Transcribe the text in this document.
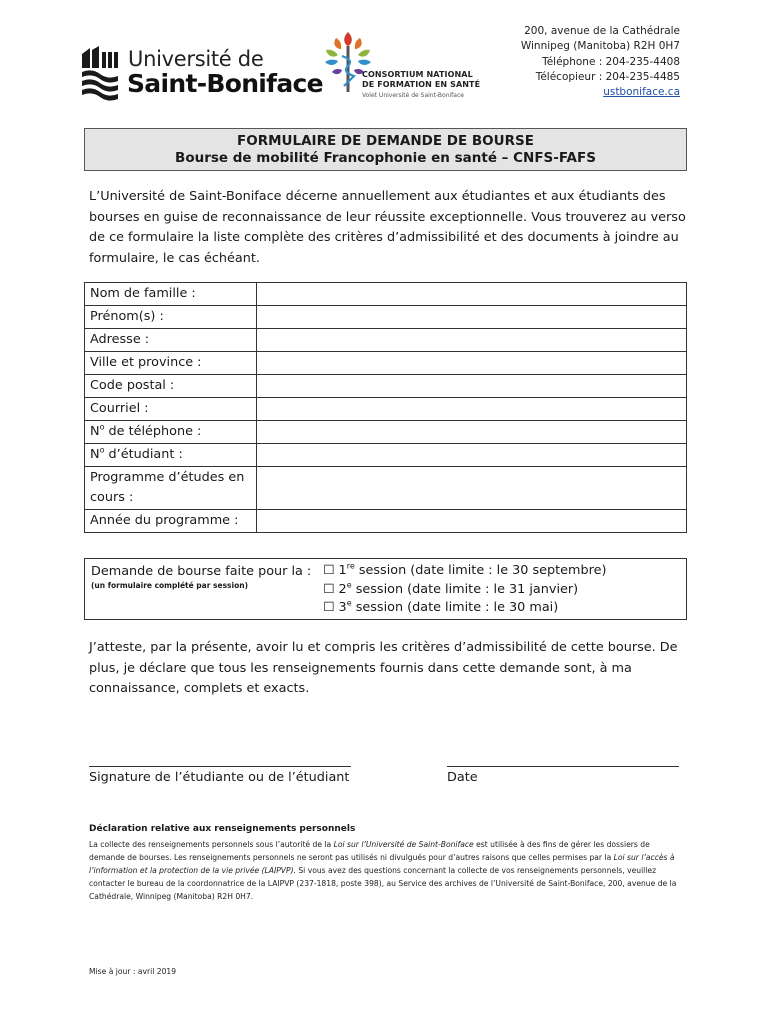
Université de
Saint-Boniface	CONSORTIUM NATIONAL
DE FORMATION EN SANTÉ
Volet Université de Saint-Boniface
200, avenue de la Cathédrale
Winnipeg (Manitoba) R2H 0H7
Téléphone : 204-235-4408
Télécopieur : 204-235-4485
ustboniface.ca
FORMULAIRE DE DEMANDE DE BOURSE
Bourse de mobilité Francophonie en santé – CNFS-FAFS

L’Université de Saint-Boniface décerne annuellement aux étudiantes et aux étudiants des bourses en guise de reconnaissance de leur réussite exceptionnelle. Vous trouverez au verso de ce formulaire la liste complète des critères d’admissibilité et des documents à joindre au formulaire, le cas échéant.

Nom de famille :	
Prénom(s) :	
Adresse :	
Ville et province :	
Code postal :	
Courriel :	
$N^o$ de téléphone :	
$N^o$ d’étudiant :	
Programme d’études en cours :	
Année du programme :	
Demande de bourse faite pour la :
(un formulaire complété par session)
☐ 1re session (date limite : le 30 septembre)
☐ 2e session (date limite : le 31 janvier)
☐ 3e session (date limite : le 30 mai)

J’atteste, par la présente, avoir lu et compris les critères d’admissibilité de cette bourse. De plus, je déclare que tous les renseignements fournis dans cette demande sont, à ma connaissance, complets et exacts.

Signature de l’étudiante ou de l’étudiant	Date
Déclaration relative aux renseignements personnels

La collecte des renseignements personnels sous l’autorité de la Loi sur l’Université de Saint-Boniface est utilisée à des fins de gérer les dossiers de demande de bourses. Les renseignements personnels ne seront pas utilisés ni divulgués pour d’autres raisons que celles permises par la Loi sur l’accès à l’information et la protection de la vie privée (LAIPVP). Si vous avez des questions concernant la collecte de vos renseignements personnels, veuillez contacter le bureau de la coordonnatrice de la LAIPVP (237-1818, poste 398), au Service des archives de l’Université de Saint-Boniface, 200, avenue de la Cathédrale, Winnipeg (Manitoba) R2H 0H7.

Mise à jour : avril 2019
